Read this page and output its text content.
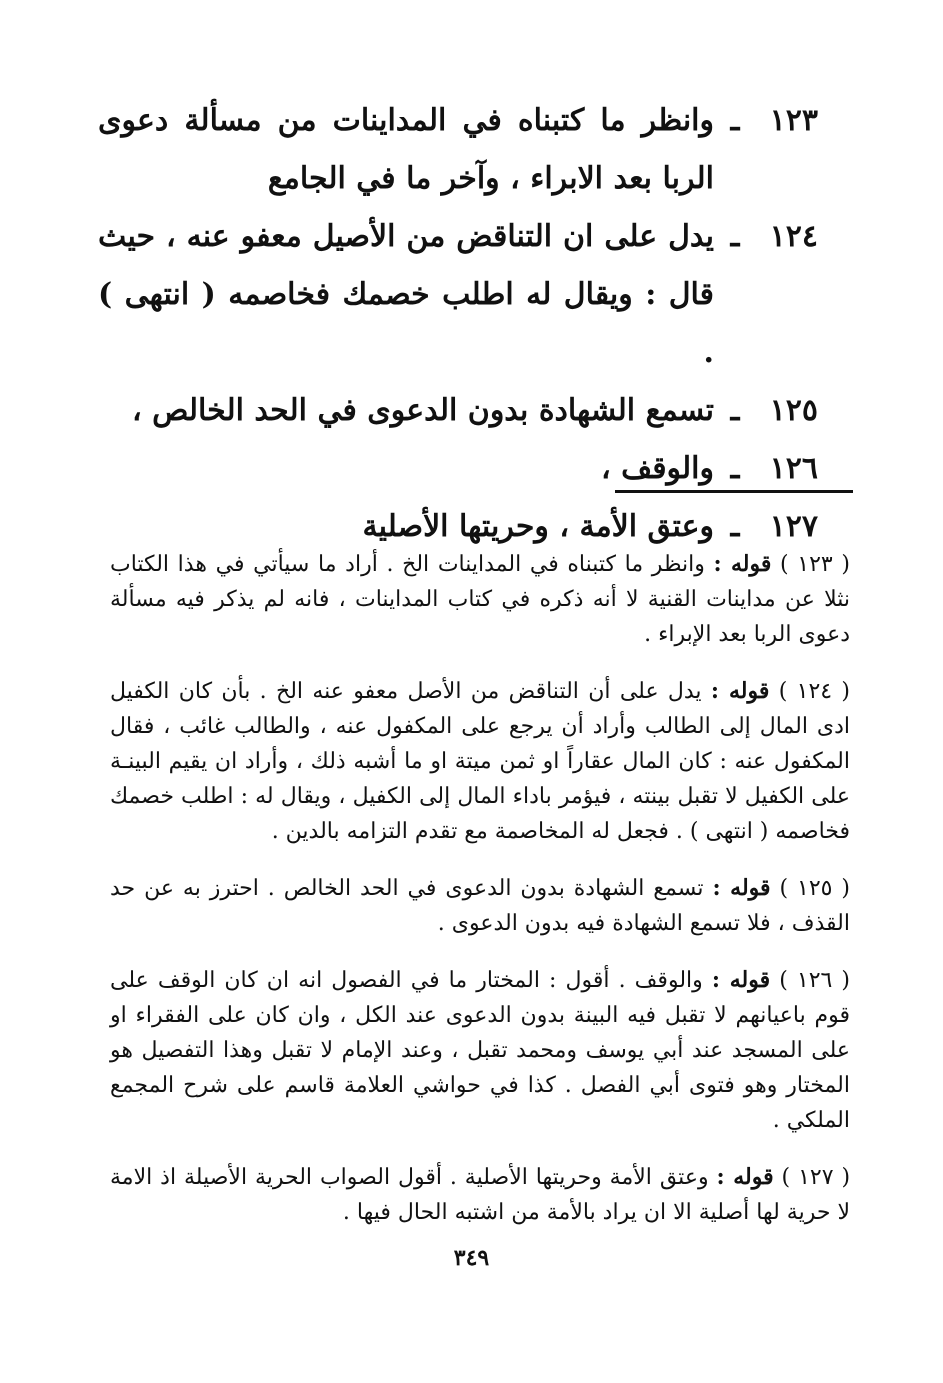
١٢٣
ـ
وانظر ما كتبناه في المداينات من مسألة دعوى الربا بعد الابراء ، وآخر ما في الجامع
١٢٤
ـ
يدل على ان التناقض من الأصيل معفو عنه ، حيث قال : ويقال له اطلب خصمك فخاصمه ( انتهى ) .
١٢٥
ـ
تسمع الشهادة بدون الدعوى في الحد الخالص ،
١٢٦
ـ
والوقف ،
١٢٧
ـ
وعتق الأمة ، وحريتها الأصلية

( ١٢٣ ) قوله : وانظر ما كتبناه في المداينات الخ . أراد ما سيأتي في هذا الكتاب نثلا عن مداينات القنية لا أنه ذكره في كتاب المداينات ، فانه لم يذكر فيه مسألة دعوى الربا بعد الإبراء .

( ١٢٤ ) قوله : يدل على أن التناقض من الأصل معفو عنه الخ . بأن كان الكفيل ادى المال إلى الطالب وأراد أن يرجع على المكفول عنه ، والطالب غائب ، فقال المكفول عنه : كان المال عقاراً او ثمن ميتة او ما أشبه ذلك ، وأراد ان يقيم البينـة على الكفيل لا تقبل بينته ، فيؤمر باداء المال إلى الكفيل ، ويقال له : اطلب خصمك فخاصمه ( انتهى ) . فجعل له المخاصمة مع تقدم التزامه بالدين .

( ١٢٥ ) قوله : تسمع الشهادة بدون الدعوى في الحد الخالص . احترز به عن حد القذف ، فلا تسمع الشهادة فيه بدون الدعوى .

( ١٢٦ ) قوله : والوقف . أقول : المختار ما في الفصول انه ان كان الوقف على قوم باعيانهم لا تقبل فيه البينة بدون الدعوى عند الكل ، وان كان على الفقراء او على المسجد عند أبي يوسف ومحمد تقبل ، وعند الإمام لا تقبل وهذا التفصيل هو المختار وهو فتوى أبي الفصل . كذا في حواشي العلامة قاسم على شرح المجمع الملكي .

( ١٢٧ ) قوله : وعتق الأمة وحريتها الأصلية . أقول الصواب الحرية الأصيلة اذ الامة لا حرية لها أصلية الا ان يراد بالأمة من اشتبه الحال فيها .

٣٤٩
